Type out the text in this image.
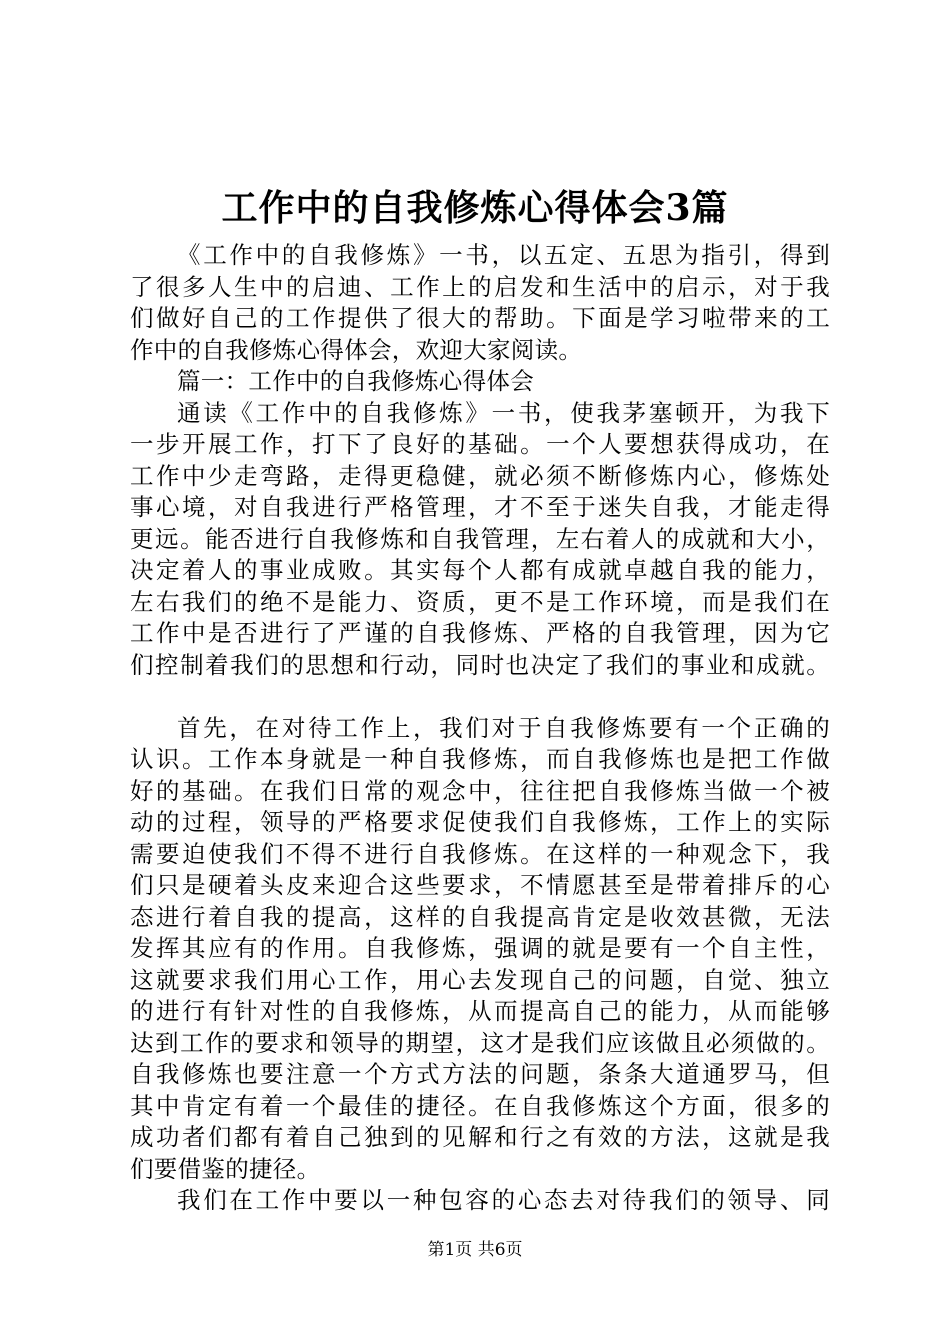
工作中的自我修炼心得体会3篇
《工作中的自我修炼》一书，以五定、五思为指引，得到
了很多人生中的启迪、工作上的启发和生活中的启示，对于我
们做好自己的工作提供了很大的帮助。下面是学习啦带来的工
作中的自我修炼心得体会，欢迎大家阅读。
篇一：工作中的自我修炼心得体会
通读《工作中的自我修炼》一书，使我茅塞顿开，为我下
一步开展工作，打下了良好的基础。一个人要想获得成功，在
工作中少走弯路，走得更稳健，就必须不断修炼内心，修炼处
事心境，对自我进行严格管理，才不至于迷失自我，才能走得
更远。能否进行自我修炼和自我管理，左右着人的成就和大小，
决定着人的事业成败。其实每个人都有成就卓越自我的能力，
左右我们的绝不是能力、资质，更不是工作环境，而是我们在
工作中是否进行了严谨的自我修炼、严格的自我管理，因为它
们控制着我们的思想和行动，同时也决定了我们的事业和成就。
首先，在对待工作上，我们对于自我修炼要有一个正确的
认识。工作本身就是一种自我修炼，而自我修炼也是把工作做
好的基础。在我们日常的观念中，往往把自我修炼当做一个被
动的过程，领导的严格要求促使我们自我修炼，工作上的实际
需要迫使我们不得不进行自我修炼。在这样的一种观念下，我
们只是硬着头皮来迎合这些要求，不情愿甚至是带着排斥的心
态进行着自我的提高，这样的自我提高肯定是收效甚微，无法
发挥其应有的作用。自我修炼，强调的就是要有一个自主性，
这就要求我们用心工作，用心去发现自己的问题，自觉、独立
的进行有针对性的自我修炼，从而提高自己的能力，从而能够
达到工作的要求和领导的期望，这才是我们应该做且必须做的。
自我修炼也要注意一个方式方法的问题，条条大道通罗马，但
其中肯定有着一个最佳的捷径。在自我修炼这个方面，很多的
成功者们都有着自己独到的见解和行之有效的方法，这就是我
们要借鉴的捷径。
我们在工作中要以一种包容的心态去对待我们的领导、同
第1页 共6页
